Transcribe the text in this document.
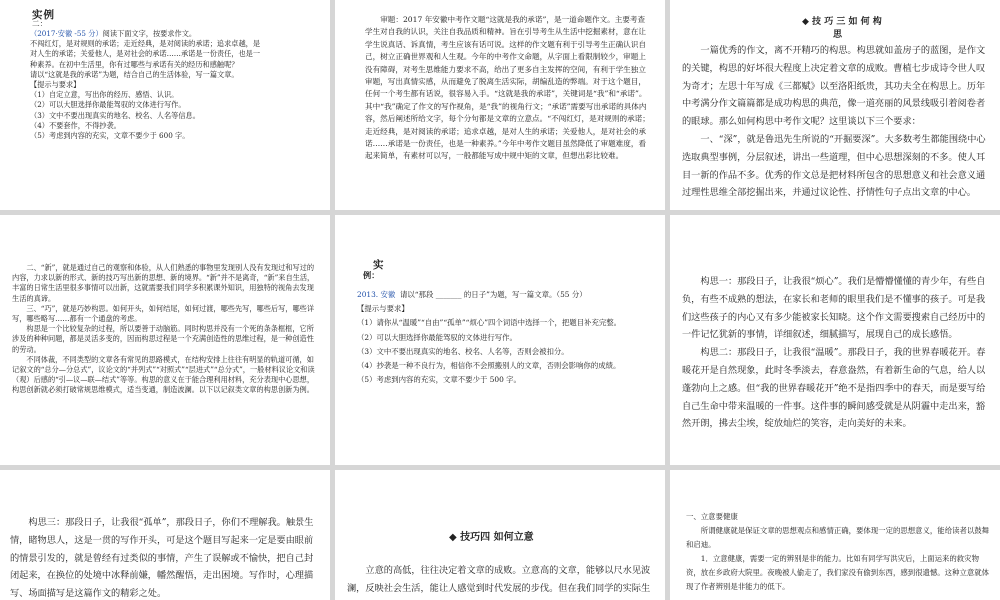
实例
二：
（2017·安徽 -55 分）阅读下面文字，按要求作文。
不闯红灯，是对规则的承诺；走近经典，是对阅读的承诺；追求卓越，是
对人生的承诺；关爱他人，是对社会的承诺……承诺是一份责任，也是一
种素养。在初中生活里，你有过哪些与承诺有关的经历和感触呢？
请以“这就是我的承诺”为题，结合自己的生活体验，写一篇文章。
【提示与要求】
（1）自定立意，写出你的经历、感悟、认识。
（2）可以大胆选择你最能驾驭的文体进行写作。
（3）文中不要出现真实的地名、校名、人名等信息。
（4）不要套作，不得抄袭。
（5）考虑到内容的充实，文章不要少于 600 字。

审题：2017 年安徽中考作文题“这就是我的承诺”，是一道命题作文。主要考查学生对自我的认识，关注自我品质和精神。旨在引导考生从生活中挖掘素材，意在让学生说真话、诉真情，考生应该有话可说。这样的作文题有利于引导考生正确认识自己，树立正确世界观和人生观。今年的中考作文命题，从字面上看限制较少，审题上没有障碍，对考生思维能力要求不高，给出了更多自主发挥的空间，有利于学生独立审题，写出真情实感，从而避免了脱离生活实际，胡编乱造的弊端。对于这个题目，任何一个考生都有话说，很容易入手。“这就是我的承诺”，关键词是“我”和“承诺”。其中“我”确定了作文的写作视角，是“我”的视角行文；“承诺”需要写出承诺的具体内容，然后阐述所给文字，每个分句都是文章的立意点。“不闯红灯，是对规则的承诺；走近经典，是对阅读的承诺；追求卓越，是对人生的承诺；关爱他人，是对社会的承诺……承诺是一份责任，也是一种素养。”今年中考作文题目虽然降低了审题难度，看起来简单，有素材可以写，一般都能写成中规中矩的文章，但想出彩比较难。

◆ 技 巧 三 如 何 构
思

一篇优秀的作文，离不开精巧的构思。构思就如盖房子的蓝图，是作文的关键，构思的好坏很大程度上决定着文章的成败。曹植七步成诗令世人叹为奇才；左思十年写成《三都赋》以至洛阳纸贵，其功夫全在构思上。历年中考满分作文篇篇都是成功构思的典范，像一道亮丽的风景线吸引着阅卷者的眼球。那么如何构思中考作文呢？这里谈以下三个要求：

一、“深”，就是鲁迅先生所说的“开掘要深”。大多数考生都能围绕中心选取典型事例，分层叙述，讲出一些道理，但中心思想深刻的不多。使人耳目一新的作品不多。优秀的作文总是把材料所包含的思想意义和社会意义通过理性思维全部挖掘出来，并通过议论性、抒情性句子点出文章的中心。

二、“新”，就是通过自己的观察和体验，从人们熟悉的事物里发现别人没有发现过和写过的内容，力求以新的形式、新的技巧写出新的思想、新的境界。“新”并不是离奇，“新”来自生活，丰富的日常生活里很多事情可以出新，这就需要我们同学多积累课外知识，用独特的视角去发现生活的真谛。

三、“巧”，就是巧妙构思。如何开头，如何结尾，如何过渡，哪些先写，哪些后写，哪些详写，哪些略写……都有一个通盘的考虑。

构思是一个比较复杂的过程，所以要善于动脑筋。同时构思并没有一个死的条条框框，它所涉及的种种问题，都是灵活多变的，因而构思过程是一个充满创造性的思维过程，是一种创造性的劳动。

不同体裁，不同类型的文章各有常见的思路模式，在结构安排上往往有明显的轨道可循，如记叙文的“总分—分总式”，议论文的“并列式”“对照式”“层进式”“总分式”，一般材料议论文和读（观）后感的“引—议—联—结式”等等。构思的意义在于能合理利用材料，充分表现中心思想，构思创新就必须打破常规思维模式，适当变通，制造波澜。以下以记叙类文章的构思创新为例。

实
例：
2013. 安徽 请以“那段 _______ 的日子”为题，写一篇文章。（55 分）
【提示与要求】
（1）请你从“温暖”“自由”“孤单”“烦心”四个词语中选择一个，把题目补充完整。
（2）可以大胆选择你最能驾驭的文体进行写作。
（3）文中不要出现真实的地名、校名、人名等，否则会被扣分。
（4）抄袭是一种不良行为，相信你不会照搬别人的文章，否则会影响你的成绩。
（5）考虑到内容的充实，文章不要少于 500 字。

构思一：那段日子，让我很“烦心”。我们是懵懵懂懂的青少年，有些自负，有些不成熟的想法，在家长和老师的眼里我们是不懂事的孩子。可是我们这些孩子的内心又有多少能被家长知晓。这个作文需要搜索自己经历中的一件记忆犹新的事情，详细叙述，细腻描写，展现自己的成长感悟。

构思二：那段日子，让我很“温暖”。那段日子，我的世界春暖花开。春暖花开是自然现象，此时冬季淡去，春意盎然，有着新生命的气息，给人以蓬勃向上之感。但“我的世界春暖花开”绝不是指四季中的春天，而是要写给自己生命中带来温暖的一件事。这件事的瞬间感受就是从阴霾中走出来，豁然开朗，拂去尘埃，绽放灿烂的笑容，走向美好的未来。

构思三：那段日子，让我很“孤单”，那段日子，你们不理解我。触景生情，睹物思人，这是一贯的写作开头，可是这个题目写起来一定是要由眼前的情景引发的，就是曾经有过类似的事情，产生了误解或不愉快，把自己封闭起来，在换位的处境中冰释前嫌，幡然醒悟，走出困境。写作时，心理描写、场面描写是这篇作文的精彩之处。

◆ 技巧四 如何立意

立意的高低，往往决定着文章的成败。立意高的文章，能够以尺水见波澜，反映社会生活，能让人感觉到时代发展的步伐。但在我们同学的实际生

一、立意要健康

所谓健康就是保证文章的思想观点和感情正确，要体现一定的思想意义，能给读者以鼓舞和启迪。

1．立意健康，需要一定的辨别是非的能力。比如有同学写洪灾后，上面运来的救灾物资，放在乡政府大院里。夜晚被人偷走了，我们家没有偷到东西，感到很遗憾。这种立意就体现了作者辨别是非能力的低下。
